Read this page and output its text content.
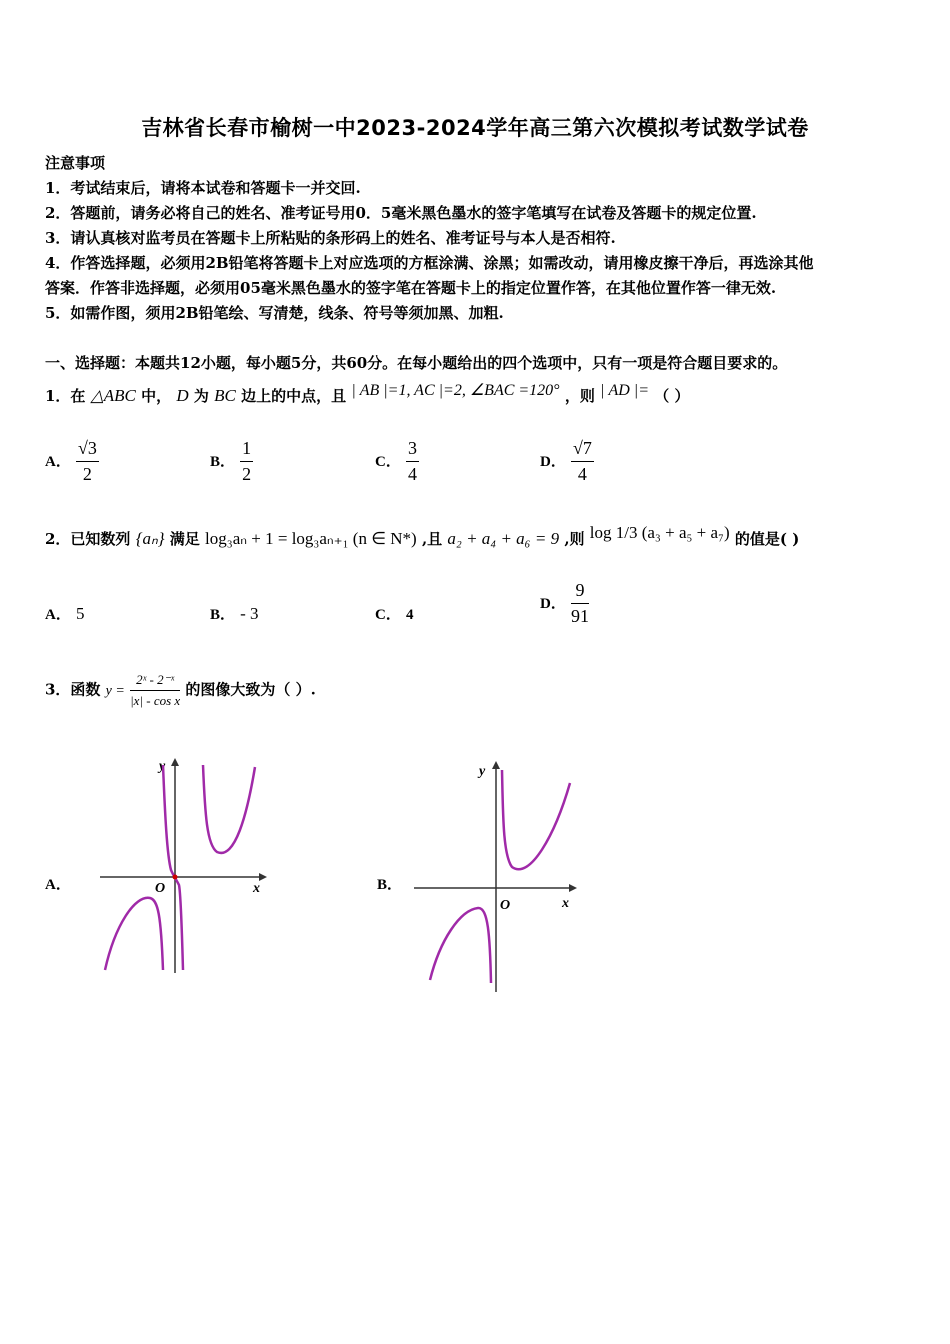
吉林省长春市榆树一中2023-2024学年高三第六次模拟考试数学试卷
注意事项
1．考试结束后，请将本试卷和答题卡一并交回.
2．答题前，请务必将自己的姓名、准考证号用0．5毫米黑色墨水的签字笔填写在试卷及答题卡的规定位置.
3．请认真核对监考员在答题卡上所粘贴的条形码上的姓名、准考证号与本人是否相符.
4．作答选择题，必须用2B铅笔将答题卡上对应选项的方框涂满、涂黑；如需改动，请用橡皮擦干净后，再选涂其他
答案．作答非选择题，必须用05毫米黑色墨水的签字笔在答题卡上的指定位置作答，在其他位置作答一律无效.
5．如需作图，须用2B铅笔绘、写清楚，线条、符号等须加黑、加粗.
一、选择题：本题共12小题，每小题5分，共60分。在每小题给出的四个选项中，只有一项是符合题目要求的。
1．在 △ABC 中， D 为 BC 边上的中点，且 | AB |=1, AC |=2, ∠BAC =120° ，则 | AD |= （ ）
A． $\frac{√3}{2}$	B． $\frac{1}{2}$	C． $\frac{3}{4}$	D． $\frac{√7}{4}$
2．已知数列 {aₙ} 满足 log₃aₙ + 1 = log₃aₙ₊₁ (n ∈ N*) ,且 a₂ + a₄ + a₆ = 9 ,则 log 1/3 (a₃ + a₅ + a₇) 的值是( )
A． 5	B． - 3	C． 4
D． $\frac{9}{91}$
3．函数 $y = \frac{\text{2ˣ - 2⁻ˣ}}{\text{|x| - cos x}}$ 的图像大致为（ ）.
A．	B．
x
y
O
x
y
O
